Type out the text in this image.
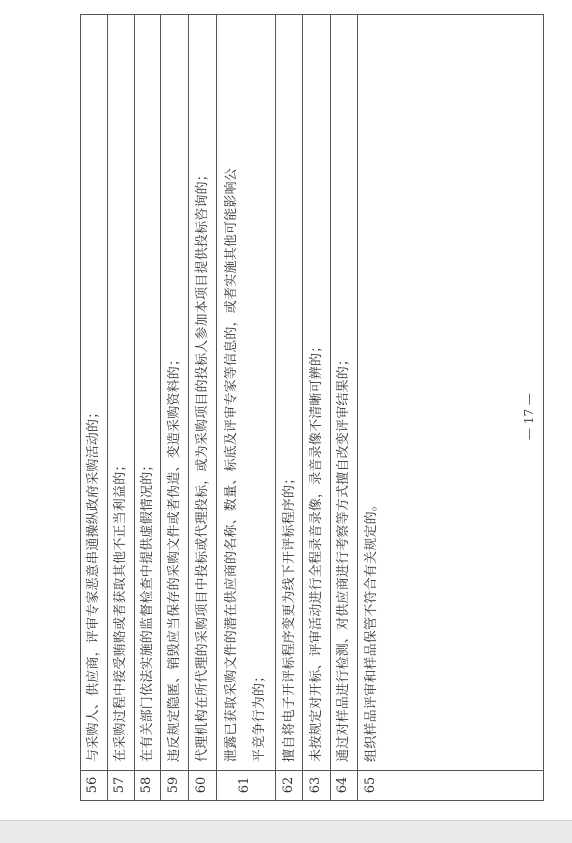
56
与采购人、供应商，评审专家恶意串通操纵政府采购活动的；
57
在采购过程中接受贿赂或者获取其他不正当利益的；
58
在有关部门依法实施的监督检查中提供虚假情况的；
59
违反规定隐匿、销毁应当保存的采购文件或者伪造、变造采购资料的；
60
代理机构在所代理的采购项目中投标或代理投标，或为采购项目的投标人参加本项目提供投标咨询的；
61
泄露已获取采购文件的潜在供应商的名称、数量、标底及评审专家等信息的，或者实施其他可能影响公 平竞争行为的；
62
擅自将电子开评标程序变更为线下开评标程序的；
63
未按规定对开标、评审活动进行全程录音录像，录音录像不清晰可辨的；
64
通过对样品进行检测、对供应商进行考察等方式擅自改变评审结果的；
65
组织样品评审和样品保管不符合有关规定的。
— 17 —
